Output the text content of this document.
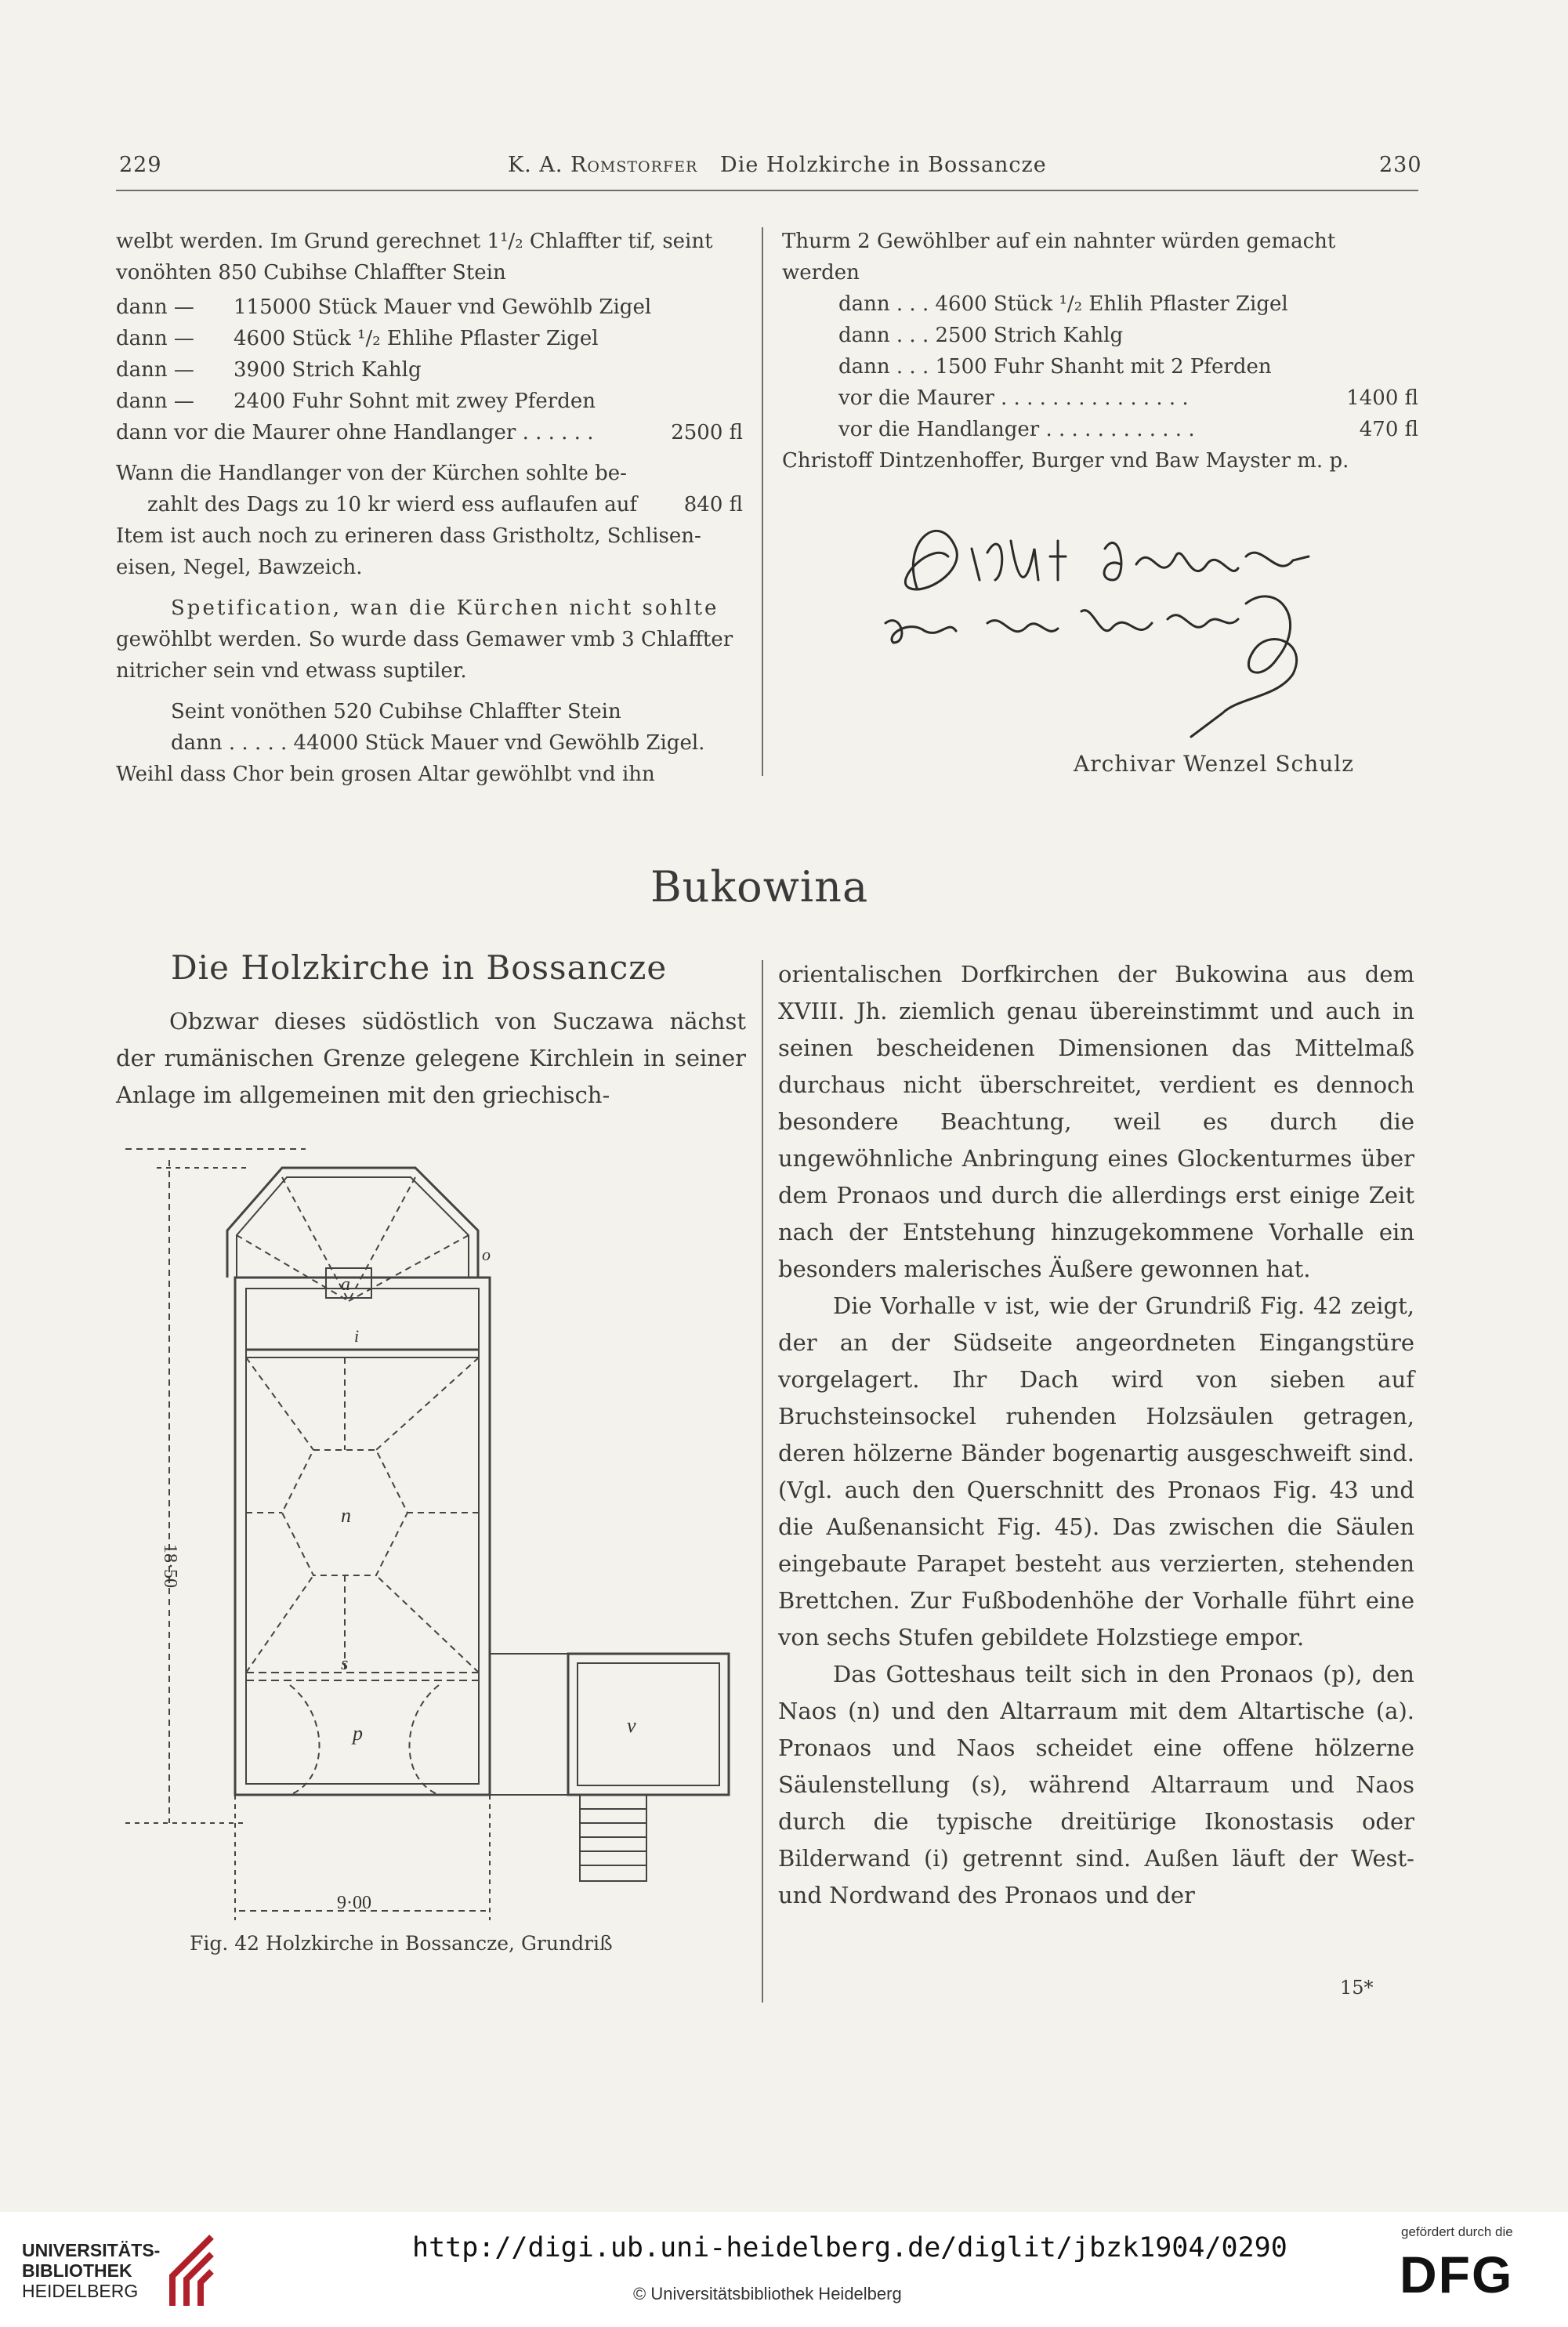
229	K. A. Romstorfer Die Holzkirche in Bossancze	230

welbt werden. Im Grund gerechnet 1¹/₂ Chlaffter tif, seint

vonöhten 850 Cubihse Chlaffter Stein

dann —	115000 Stück Mauer vnd Gewöhlb Zigel

dann —	4600 Stück ¹/₂ Ehlihe Pflaster Zigel

dann —	3900 Strich Kahlg

dann —	2400 Fuhr Sohnt mit zwey Pferden

dann vor die Maurer ohne Handlanger . . . . . .	2500 fl

Wann die Handlanger von der Kürchen sohlte be-

zahlt des Dags zu 10 kr wierd ess auflaufen auf 840 fl

Item ist auch noch zu erineren dass Gristholtz, Schlisen-

eisen, Negel, Bawzeich.

Spetification, wan die Kürchen nicht sohlte

gewöhlbt werden. So wurde dass Gemawer vmb 3 Chlaffter

nitricher sein vnd etwass suptiler.

Seint vonöthen 520 Cubihse Chlaffter Stein

dann . . . . . 44000 Stück Mauer vnd Gewöhlb Zigel.

Weihl dass Chor bein grosen Altar gewöhlbt vnd ihn

Thurm 2 Gewöhlber auf ein nahnter würden gemacht

werden

dann . . . 4600 Stück ¹/₂ Ehlih Pflaster Zigel

dann . . . 2500 Strich Kahlg

dann . . . 1500 Fuhr Shanht mit 2 Pferden

vor die Maurer . . . . . . . . . . . . . . .	1400 fl

vor die Handlanger . . . . . . . . . . . .	470 fl

Christoff Dintzenhoffer, Burger vnd Baw Mayster m. p.

Archivar Wenzel Schulz
Bukowina
Die Holzkirche in Bossancze

Obzwar dieses südöstlich von Suczawa nächst der rumänischen Grenze gelegene Kirchlein in seiner Anlage im allgemeinen mit den griechisch-

orientalischen Dorfkirchen der Bukowina aus dem XVIII. Jh. ziemlich genau übereinstimmt und auch in seinen bescheidenen Dimensionen das Mittelmaß durchaus nicht überschreitet, verdient es dennoch besondere Beachtung, weil es durch die ungewöhnliche Anbringung eines Glockenturmes über dem Pronaos und durch die allerdings erst einige Zeit nach der Entstehung hinzugekommene Vorhalle ein besonders malerisches Äußere gewonnen hat.

Die Vorhalle v ist, wie der Grundriß Fig. 42 zeigt, der an der Südseite angeordneten Eingangstüre vorgelagert. Ihr Dach wird von sieben auf Bruchsteinsockel ruhenden Holzsäulen getragen, deren hölzerne Bänder bogenartig ausgeschweift sind. (Vgl. auch den Querschnitt des Pronaos Fig. 43 und die Außenansicht Fig. 45). Das zwischen die Säulen eingebaute Parapet besteht aus verzierten, stehenden Brettchen. Zur Fußbodenhöhe der Vorhalle führt eine von sechs Stufen gebildete Holzstiege empor.

Das Gotteshaus teilt sich in den Pronaos (p), den Naos (n) und den Altarraum mit dem Altartische (a). Pronaos und Naos scheidet eine offene hölzerne Säulenstellung (s), während Altarraum und Naos durch die typische dreitürige Ikonostasis oder Bilderwand (i) getrennt sind. Außen läuft der West- und Nordwand des Pronaos und der

15*
18·50
9·00
a
o
i
n
s
p	v
Fig. 42 Holzkirche in Bossancze, Grundriß
UNIVERSITÄTS-
BIBLIOTHEK
HEIDELBERG
http://digi.ub.uni-heidelberg.de/diglit/jbzk1904/0290
© Universitätsbibliothek Heidelberg
gefördert durch die
DFG
